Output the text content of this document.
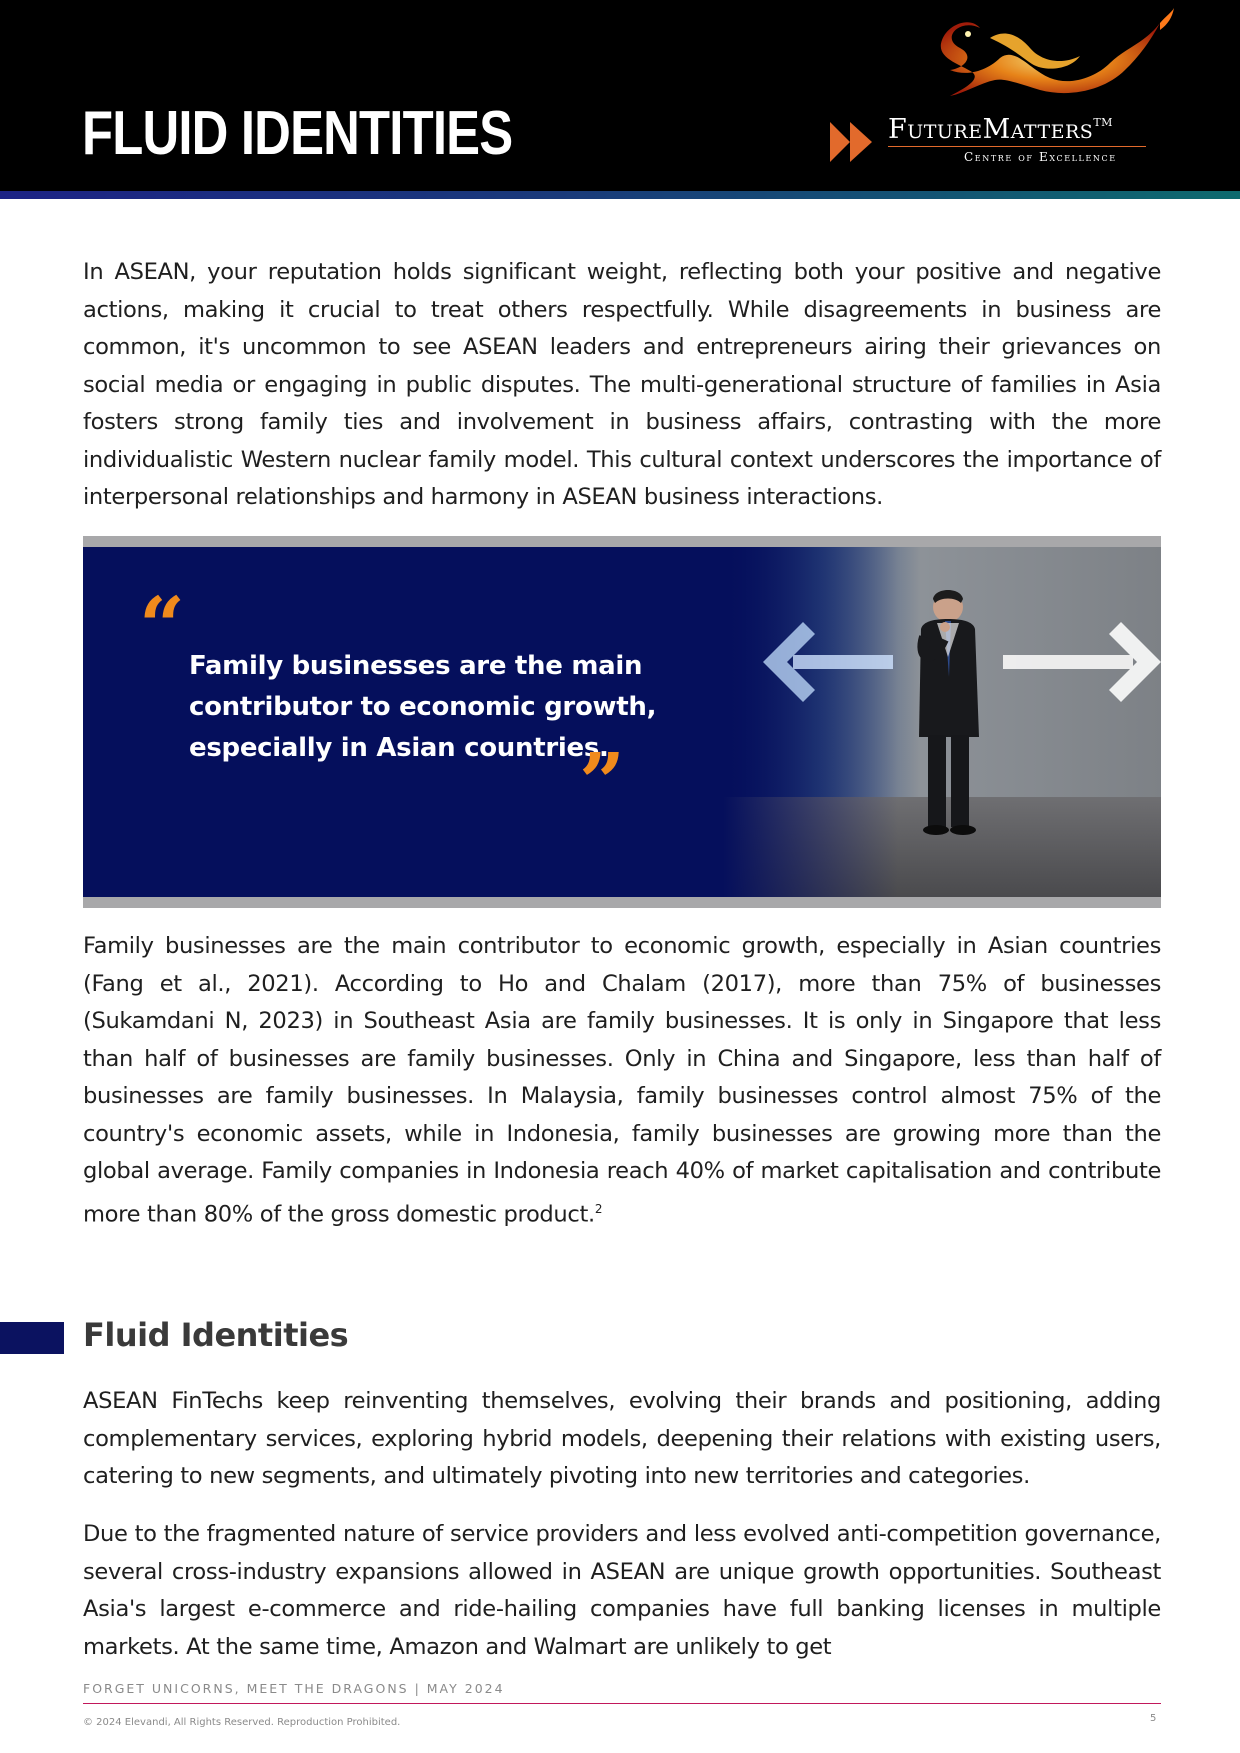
FLUID IDENTITIES	FutureMatters™
Centre of Excellence

In ASEAN, your reputation holds significant weight, reflecting both your positive and negative actions, making it crucial to treat others respectfully. While disagreements in business are common, it's uncommon to see ASEAN leaders and entrepreneurs airing their grievances on social media or engaging in public disputes. The multi-generational structure of families in Asia fosters strong family ties and involvement in business affairs, contrasting with the more individualistic Western nuclear family model. This cultural context underscores the importance of interpersonal relationships and harmony in ASEAN business interactions.

“ Family businesses are the main contributor to economic growth, especially in Asian countries.

”

Family businesses are the main contributor to economic growth, especially in Asian countries (Fang et al., 2021). According to Ho and Chalam (2017), more than 75% of businesses (Sukamdani N, 2023) in Southeast Asia are family businesses. It is only in Singapore that less than half of businesses are family businesses. Only in China and Singapore, less than half of businesses are family businesses. In Malaysia, family businesses control almost 75% of the country's economic assets, while in Indonesia, family businesses are growing more than the global average. Family companies in Indonesia reach 40% of market capitalisation and contribute more than 80% of the gross domestic product.$^2$

Fluid Identities

ASEAN FinTechs keep reinventing themselves, evolving their brands and positioning, adding complementary services, exploring hybrid models, deepening their relations with existing users, catering to new segments, and ultimately pivoting into new territories and categories.

Due to the fragmented nature of service providers and less evolved anti-competition governance, several cross-industry expansions allowed in ASEAN are unique growth opportunities. Southeast Asia's largest e-commerce and ride-hailing companies have full banking licenses in multiple markets. At the same time, Amazon and Walmart are unlikely to get

FORGET UNICORNS, MEET THE DRAGONS | MAY 2024
© 2024 Elevandi, All Rights Reserved. Reproduction Prohibited.	5
